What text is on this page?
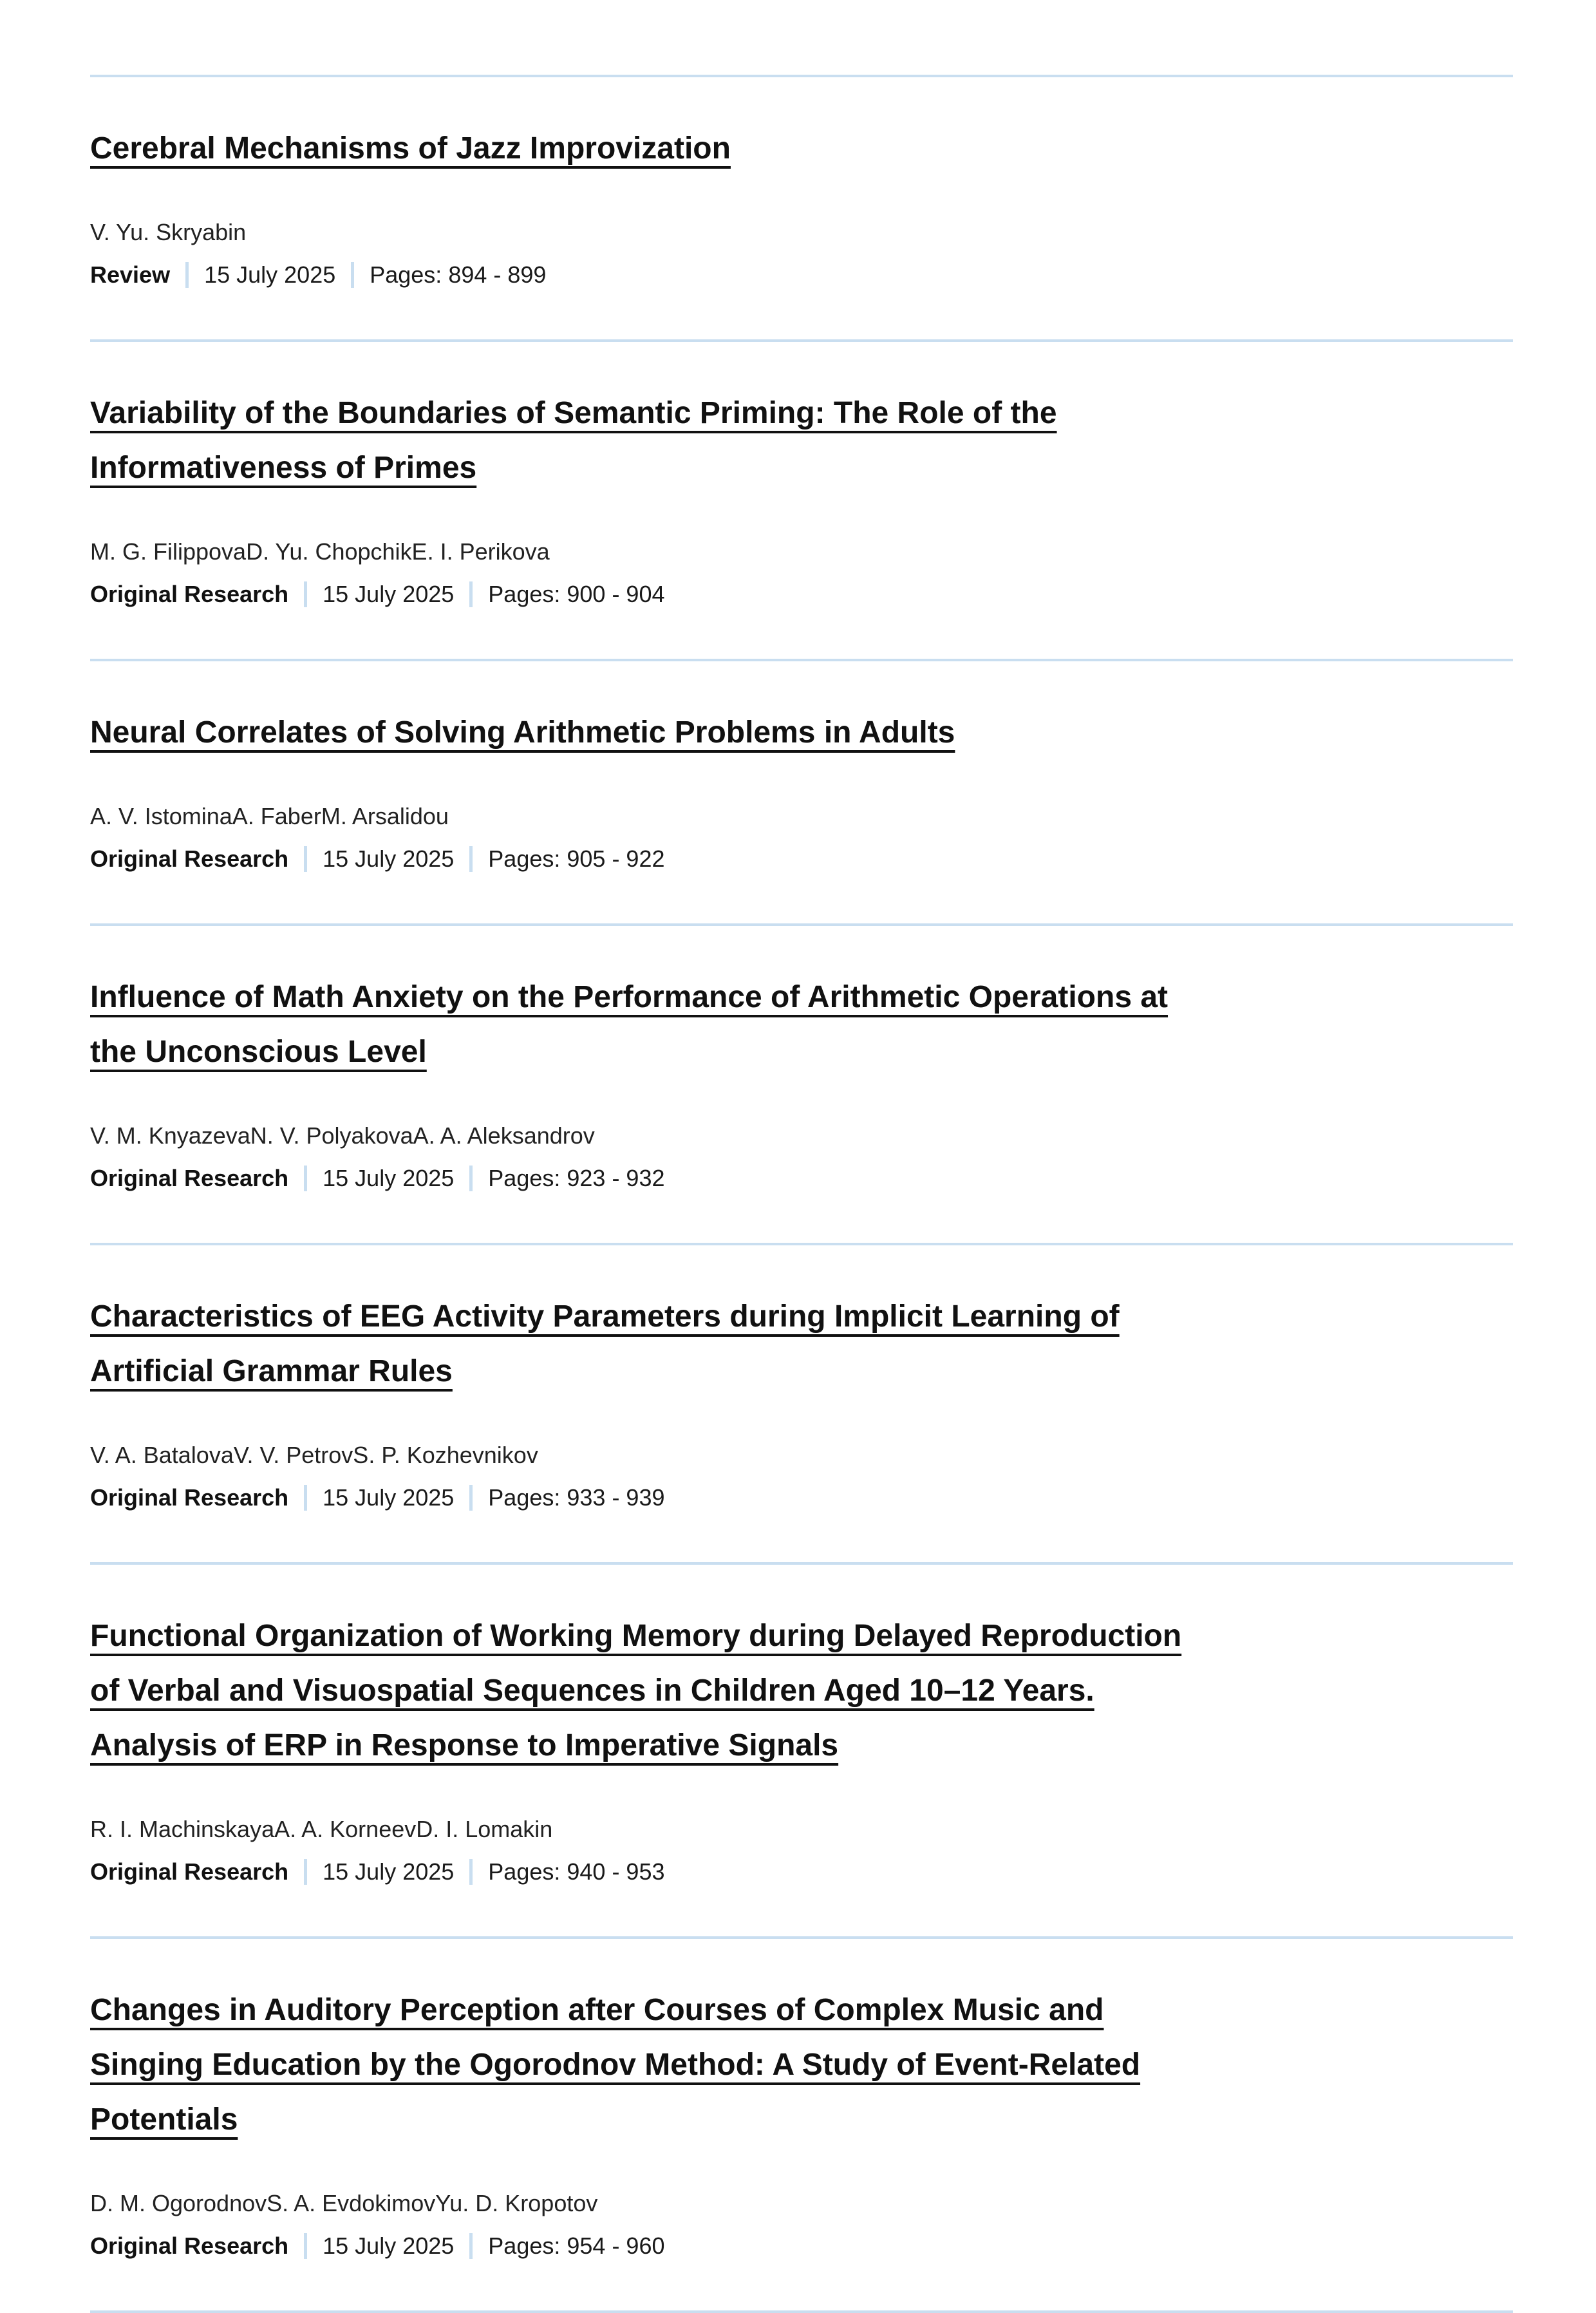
Cerebral Mechanisms of Jazz Improvization
V. Yu. Skryabin
Review 15 July 2025 Pages: 894 - 899
Variability of the Boundaries of Semantic Priming: The Role of the Informativeness of Primes
M. G. FilippovaD. Yu. ChopchikE. I. Perikova
Original Research 15 July 2025 Pages: 900 - 904
Neural Correlates of Solving Arithmetic Problems in Adults
A. V. IstominaA. FaberM. Arsalidou
Original Research 15 July 2025 Pages: 905 - 922
Influence of Math Anxiety on the Performance of Arithmetic Operations at the Unconscious Level
V. M. KnyazevaN. V. PolyakovaA. A. Aleksandrov
Original Research 15 July 2025 Pages: 923 - 932
Characteristics of EEG Activity Parameters during Implicit Learning of Artificial Grammar Rules
V. A. BatalovaV. V. PetrovS. P. Kozhevnikov
Original Research 15 July 2025 Pages: 933 - 939
Functional Organization of Working Memory during Delayed Reproduction of Verbal and Visuospatial Sequences in Children Aged 10–12 Years. Analysis of ERP in Response to Imperative Signals
R. I. MachinskayaA. A. KorneevD. I. Lomakin
Original Research 15 July 2025 Pages: 940 - 953
Changes in Auditory Perception after Courses of Complex Music and Singing Education by the Ogorodnov Method: A Study of Event-Related Potentials
D. M. OgorodnovS. A. EvdokimovYu. D. Kropotov
Original Research 15 July 2025 Pages: 954 - 960
